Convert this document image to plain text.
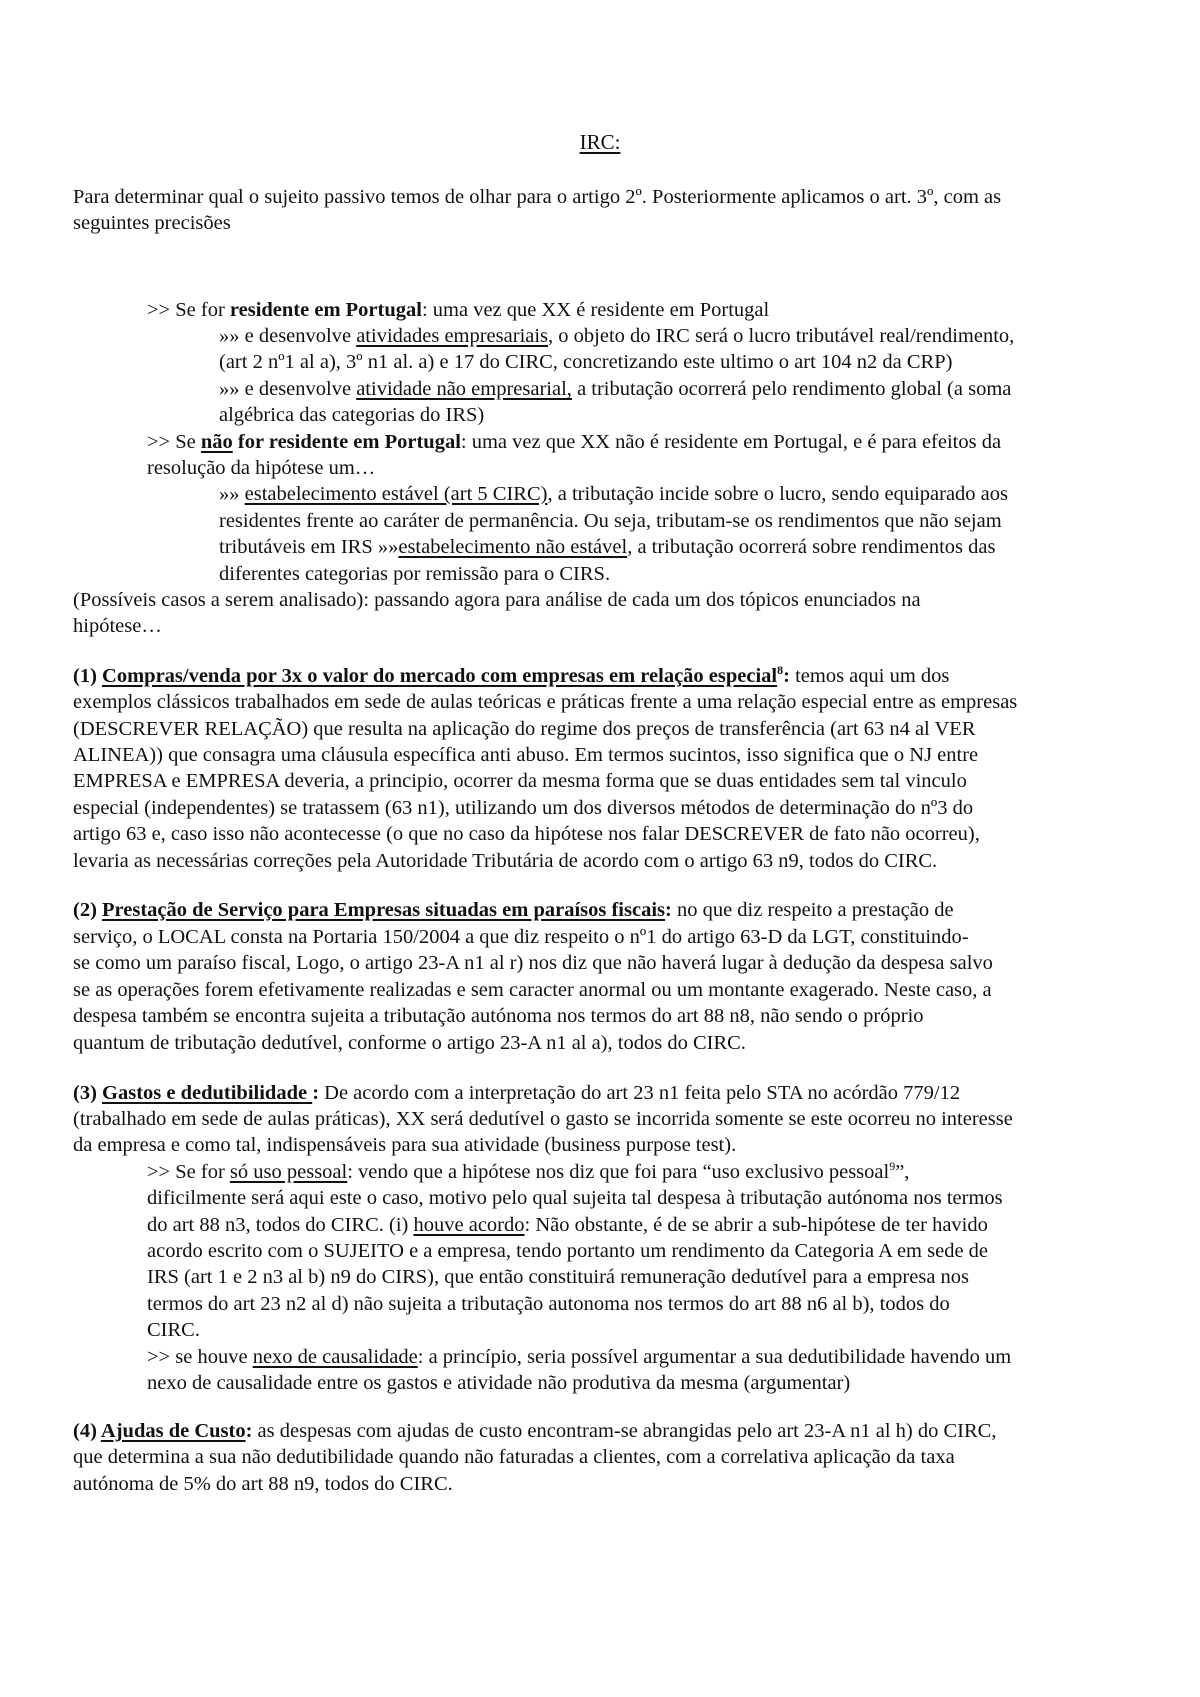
IRC:
Para determinar qual o sujeito passivo temos de olhar para o artigo 2º. Posteriormente aplicamos o art. 3º, com as
seguintes precisões
>> Se for residente em Portugal: uma vez que XX é residente em Portugal
»» e desenvolve atividades empresariais, o objeto do IRC será o lucro tributável real/rendimento,
(art 2 nº1 al a), 3º n1 al. a) e 17 do CIRC, concretizando este ultimo o art 104 n2 da CRP)
»» e desenvolve atividade não empresarial, a tributação ocorrerá pelo rendimento global (a soma
algébrica das categorias do IRS)
>> Se não for residente em Portugal: uma vez que XX não é residente em Portugal, e é para efeitos da
resolução da hipótese um…
»» estabelecimento estável (art 5 CIRC), a tributação incide sobre o lucro, sendo equiparado aos
residentes frente ao caráter de permanência. Ou seja, tributam-se os rendimentos que não sejam
tributáveis em IRS »»estabelecimento não estável, a tributação ocorrerá sobre rendimentos das
diferentes categorias por remissão para o CIRS.
(Possíveis casos a serem analisado): passando agora para análise de cada um dos tópicos enunciados na
hipótese…
(1) Compras/venda por 3x o valor do mercado com empresas em relação especial$^8$: temos aqui um dos
exemplos clássicos trabalhados em sede de aulas teóricas e práticas frente a uma relação especial entre as empresas
(DESCREVER RELAÇÃO) que resulta na aplicação do regime dos preços de transferência (art 63 n4 al VER
ALINEA)) que consagra uma cláusula específica anti abuso. Em termos sucintos, isso significa que o NJ entre
EMPRESA e EMPRESA deveria, a principio, ocorrer da mesma forma que se duas entidades sem tal vinculo
especial (independentes) se tratassem (63 n1), utilizando um dos diversos métodos de determinação do nº3 do
artigo 63 e, caso isso não acontecesse (o que no caso da hipótese nos falar DESCREVER de fato não ocorreu),
levaria as necessárias correções pela Autoridade Tributária de acordo com o artigo 63 n9, todos do CIRC.
(2) Prestação de Serviço para Empresas situadas em paraísos fiscais: no que diz respeito a prestação de
serviço, o LOCAL consta na Portaria 150/2004 a que diz respeito o nº1 do artigo 63-D da LGT, constituindo-
se como um paraíso fiscal, Logo, o artigo 23-A n1 al r) nos diz que não haverá lugar à dedução da despesa salvo
se as operações forem efetivamente realizadas e sem caracter anormal ou um montante exagerado. Neste caso, a
despesa também se encontra sujeita a tributação autónoma nos termos do art 88 n8, não sendo o próprio
quantum de tributação dedutível, conforme o artigo 23-A n1 al a), todos do CIRC.
(3) Gastos e dedutibilidade : De acordo com a interpretação do art 23 n1 feita pelo STA no acórdão 779/12
(trabalhado em sede de aulas práticas), XX será dedutível o gasto se incorrida somente se este ocorreu no interesse
da empresa e como tal, indispensáveis para sua atividade (business purpose test).
>> Se for só uso pessoal: vendo que a hipótese nos diz que foi para “uso exclusivo pessoal$^9$”,
dificilmente será aqui este o caso, motivo pelo qual sujeita tal despesa à tributação autónoma nos termos
do art 88 n3, todos do CIRC. (i) houve acordo: Não obstante, é de se abrir a sub-hipótese de ter havido
acordo escrito com o SUJEITO e a empresa, tendo portanto um rendimento da Categoria A em sede de
IRS (art 1 e 2 n3 al b) n9 do CIRS), que então constituirá remuneração dedutível para a empresa nos
termos do art 23 n2 al d) não sujeita a tributação autonoma nos termos do art 88 n6 al b), todos do
CIRC.
>> se houve nexo de causalidade: a princípio, seria possível argumentar a sua dedutibilidade havendo um
nexo de causalidade entre os gastos e atividade não produtiva da mesma (argumentar)
(4) Ajudas de Custo: as despesas com ajudas de custo encontram-se abrangidas pelo art 23-A n1 al h) do CIRC,
que determina a sua não dedutibilidade quando não faturadas a clientes, com a correlativa aplicação da taxa
autónoma de 5% do art 88 n9, todos do CIRC.
